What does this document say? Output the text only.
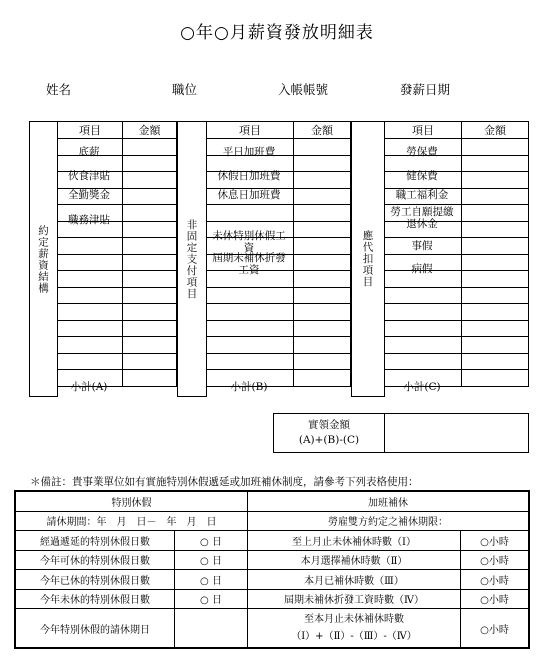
○年○月薪資發放明細表
姓名	職位	入帳帳號	發薪日期
約定薪資結構
項目	金額

底薪
伙食津貼
全勤獎金
職務津貼
小計(A)
非固定支付項目
項目	金額

平日加班費
休假日加班費
休息日加班費
未休特別休假工資
屆期未補休折發工資
小計(B)
應代扣項目
項目	金額

勞保費
健保費
職工福利金
勞工自願提繳退休金
事假
病假
小計(C)
實領金額
(A)+(B)-(C)

＊備註：貴事業單位如有實施特別休假遞延或加班補休制度，請參考下列表格使用：
特別休假		加班補休	
請休期間：年　月　日－　年　月　日		勞雇雙方約定之補休期限：	
經過遞延的特別休假日數	○ 日	至上月止未休補休時數（Ⅰ）	○小時
今年可休的特別休假日數	○ 日	本月選擇補休時數（Ⅱ）	○小時
今年已休的特別休假日數	○ 日	本月已補休時數（Ⅲ）	○小時
今年未休的特別休假日數	○ 日	屆期未補休折發工資時數（Ⅳ）	○小時
今年特別休假的請休期日		至本月止未休補休時數
（Ⅰ）+（Ⅱ）-（Ⅲ）-（Ⅳ）	○小時
